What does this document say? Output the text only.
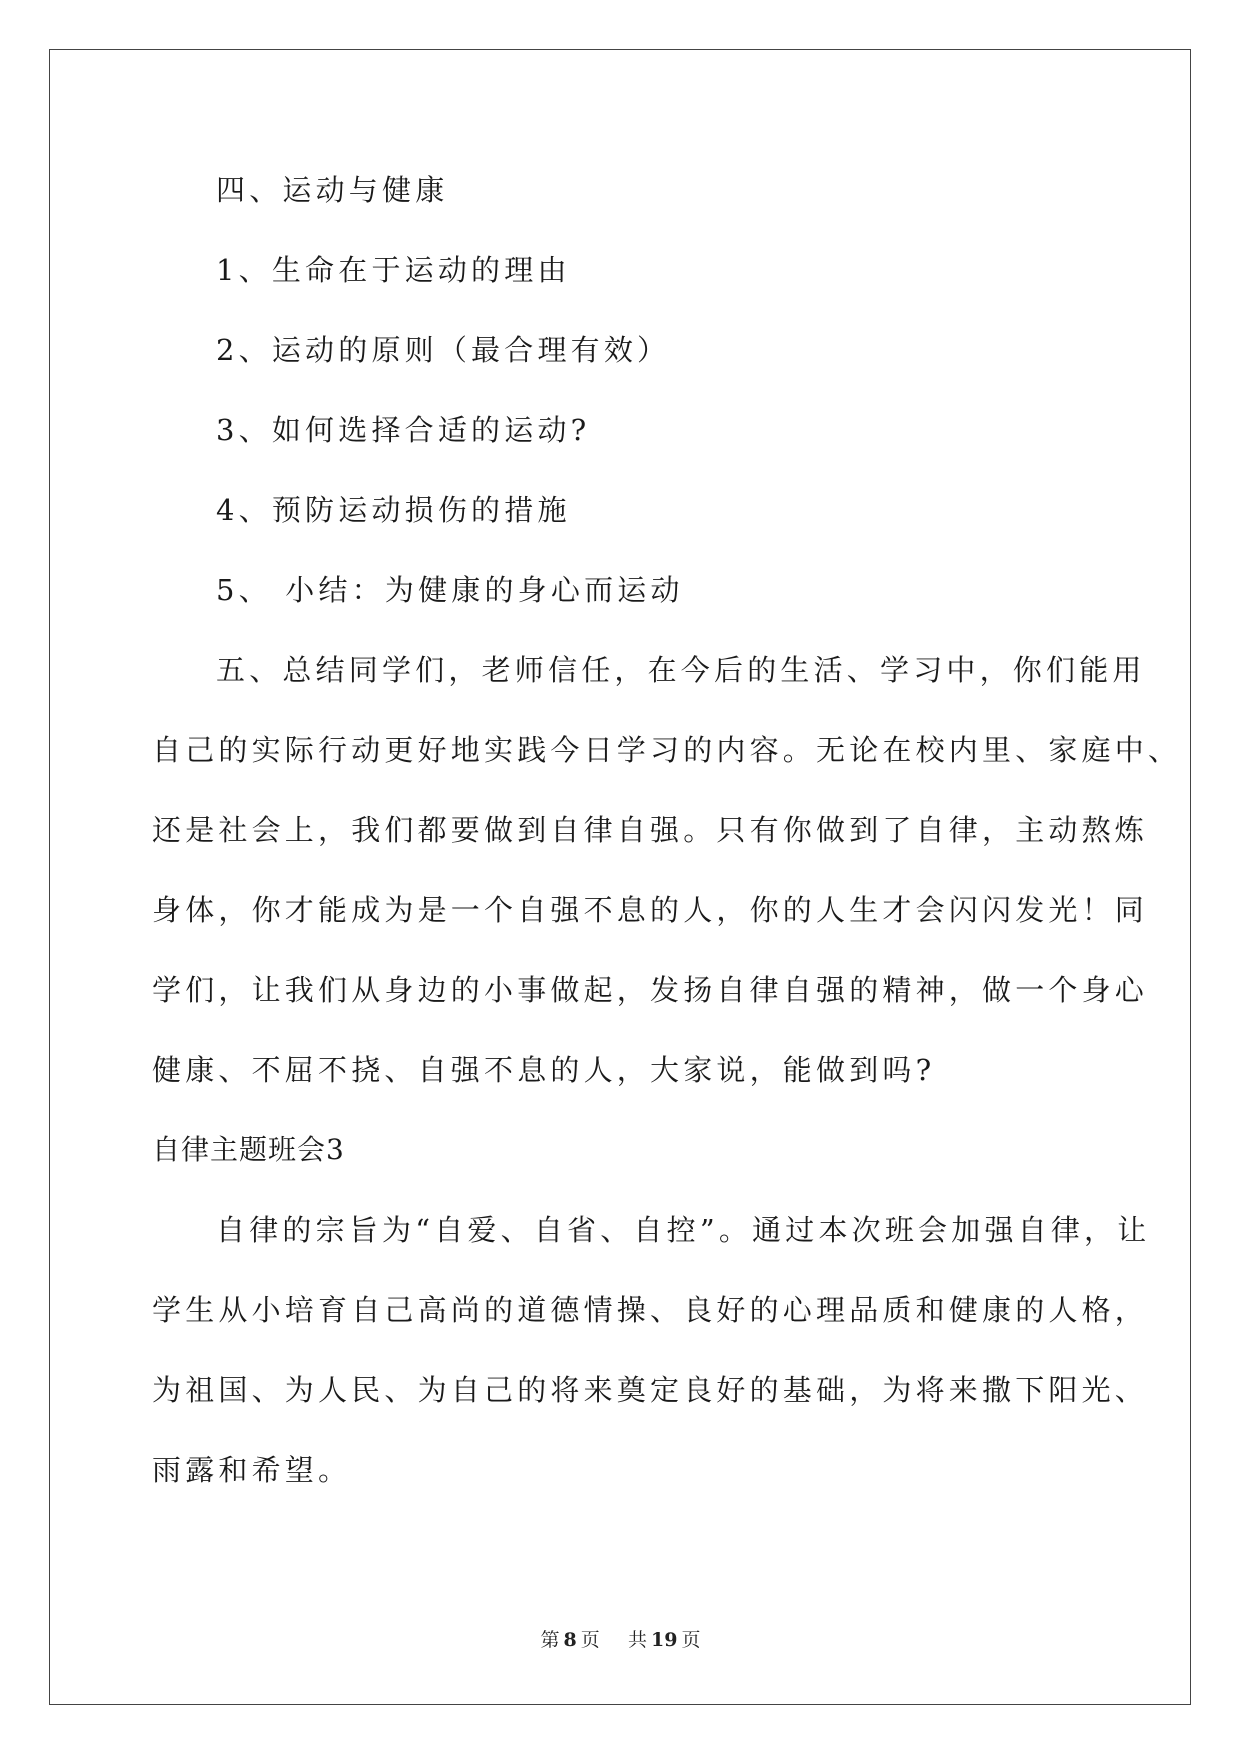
四、运动与健康
1、生命在于运动的理由
2、运动的原则（最合理有效）
3、如何选择合适的运动?
4、预防运动损伤的措施
5、 小结：为健康的身心而运动
五、总结同学们，老师信任，在今后的生活、学习中，你们能用
自己的实际行动更好地实践今日学习的内容。无论在校内里、家庭中、
还是社会上，我们都要做到自律自强。只有你做到了自律，主动熬炼
身体，你才能成为是一个自强不息的人，你的人生才会闪闪发光！同
学们，让我们从身边的小事做起，发扬自律自强的精神，做一个身心
健康、不屈不挠、自强不息的人，大家说，能做到吗?
自律主题班会3
自律的宗旨为“自爱、自省、自控”。通过本次班会加强自律，让
学生从小培育自己高尚的道德情操、良好的心理品质和健康的人格，
为祖国、为人民、为自己的将来奠定良好的基础，为将来撒下阳光、
雨露和希望。
第 8 页 共 19 页
